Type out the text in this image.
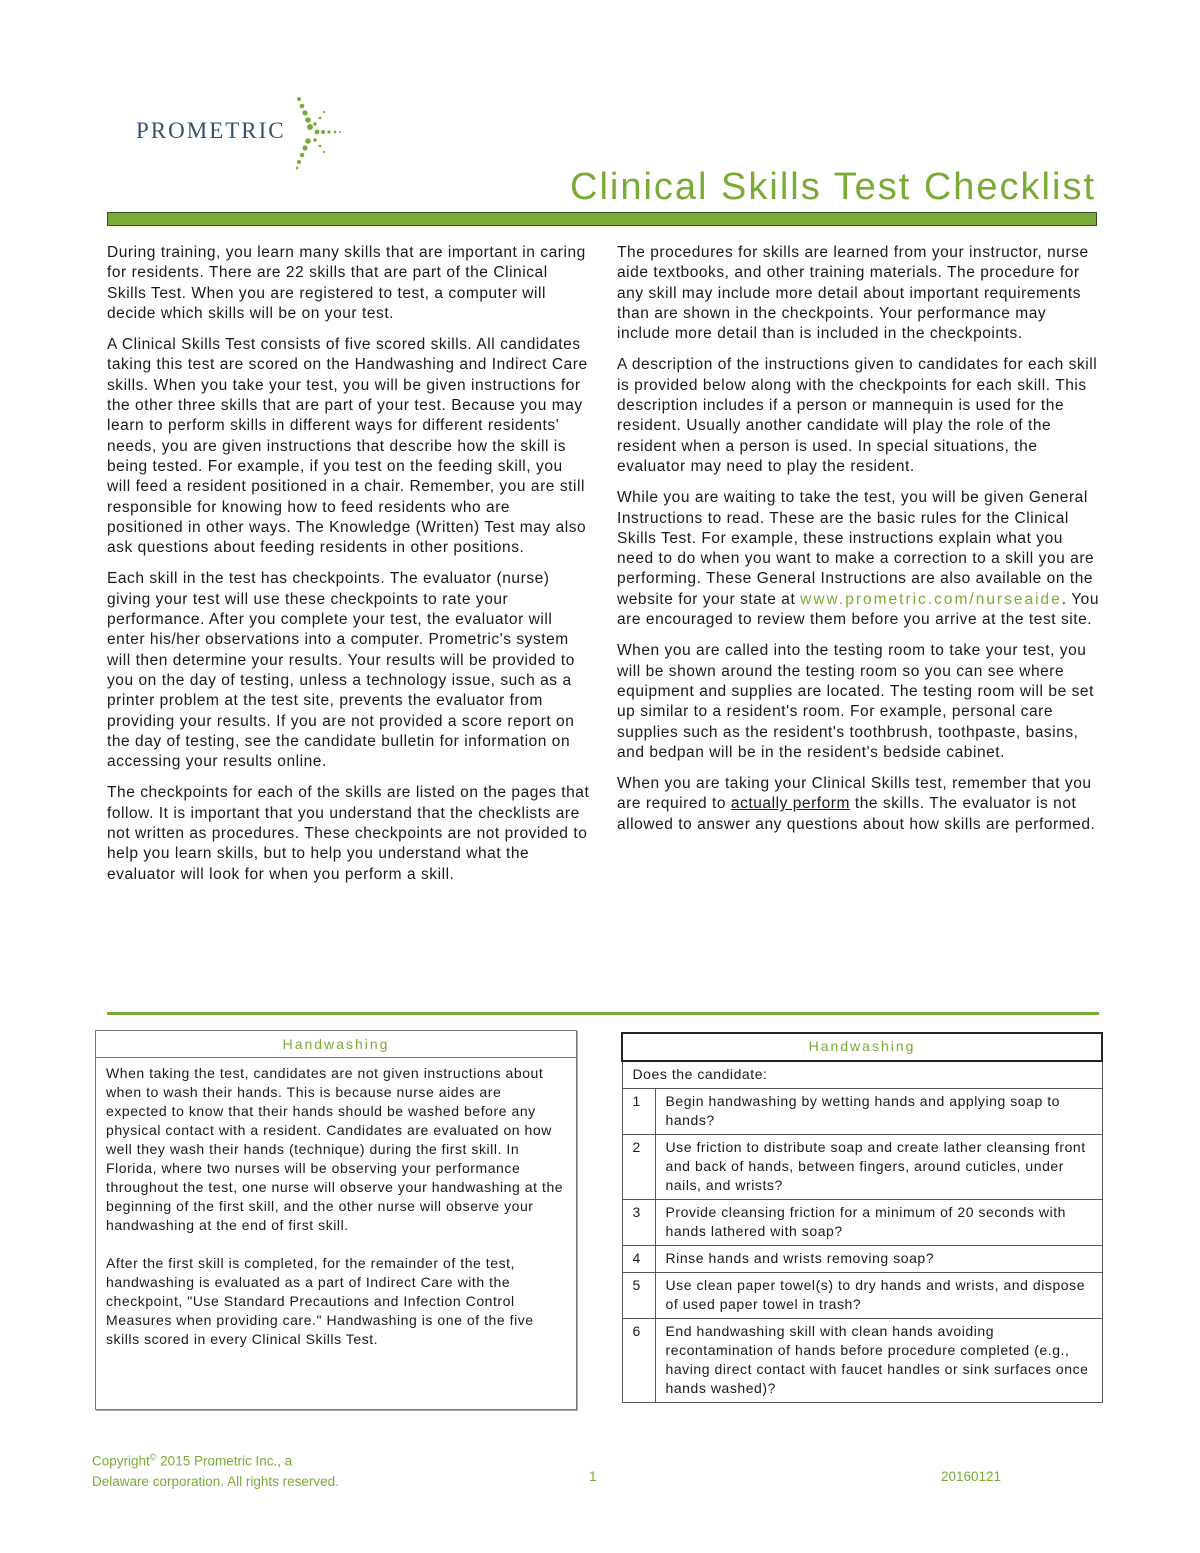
PROMETRIC
Clinical Skills Test Checklist

During training, you learn many skills that are important in caring for residents. There are 22 skills that are part of the Clinical Skills Test. When you are registered to test, a computer will decide which skills will be on your test.

A Clinical Skills Test consists of five scored skills. All candidates taking this test are scored on the Handwashing and Indirect Care skills. When you take your test, you will be given instructions for the other three skills that are part of your test. Because you may learn to perform skills in different ways for different residents' needs, you are given instructions that describe how the skill is being tested. For example, if you test on the feeding skill, you will feed a resident positioned in a chair. Remember, you are still responsible for knowing how to feed residents who are positioned in other ways. The Knowledge (Written) Test may also ask questions about feeding residents in other positions.

Each skill in the test has checkpoints. The evaluator (nurse) giving your test will use these checkpoints to rate your performance. After you complete your test, the evaluator will enter his/her observations into a computer. Prometric's system will then determine your results. Your results will be provided to you on the day of testing, unless a technology issue, such as a printer problem at the test site, prevents the evaluator from providing your results. If you are not provided a score report on the day of testing, see the candidate bulletin for information on accessing your results online.

The checkpoints for each of the skills are listed on the pages that follow. It is important that you understand that the checklists are not written as procedures. These checkpoints are not provided to help you learn skills, but to help you understand what the evaluator will look for when you perform a skill.

The procedures for skills are learned from your instructor, nurse aide textbooks, and other training materials. The procedure for any skill may include more detail about important requirements than are shown in the checkpoints. Your performance may include more detail than is included in the checkpoints.

A description of the instructions given to candidates for each skill is provided below along with the checkpoints for each skill. This description includes if a person or mannequin is used for the resident. Usually another candidate will play the role of the resident when a person is used. In special situations, the evaluator may need to play the resident.

While you are waiting to take the test, you will be given General Instructions to read. These are the basic rules for the Clinical Skills Test. For example, these instructions explain what you need to do when you want to make a correction to a skill you are performing. These General Instructions are also available on the website for your state at www.prometric.com/nurseaide. You are encouraged to review them before you arrive at the test site.

When you are called into the testing room to take your test, you will be shown around the testing room so you can see where equipment and supplies are located. The testing room will be set up similar to a resident's room. For example, personal care supplies such as the resident's toothbrush, toothpaste, basins, and bedpan will be in the resident's bedside cabinet.

When you are taking your Clinical Skills test, remember that you are required to actually perform the skills. The evaluator is not allowed to answer any questions about how skills are performed.

Handwashing

When taking the test, candidates are not given instructions about when to wash their hands. This is because nurse aides are expected to know that their hands should be washed before any physical contact with a resident. Candidates are evaluated on how well they wash their hands (technique) during the first skill. In Florida, where two nurses will be observing your performance throughout the test, one nurse will observe your handwashing at the beginning of the first skill, and the other nurse will observe your handwashing at the end of first skill.

After the first skill is completed, for the remainder of the test, handwashing is evaluated as a part of Indirect Care with the checkpoint, "Use Standard Precautions and Infection Control Measures when providing care." Handwashing is one of the five skills scored in every Clinical Skills Test.

Handwashing	
Does the candidate:	
1	Begin handwashing by wetting hands and applying soap to hands?
2	Use friction to distribute soap and create lather cleansing front and back of hands, between fingers, around cuticles, under nails, and wrists?
3	Provide cleansing friction for a minimum of 20 seconds with hands lathered with soap?
4	Rinse hands and wrists removing soap?
5	Use clean paper towel(s) to dry hands and wrists, and dispose of used paper towel in trash?
6	End handwashing skill with clean hands avoiding recontamination of hands before procedure completed (e.g., having direct contact with faucet handles or sink surfaces once hands washed)?
Copyright© 2015 Prometric Inc., a
Delaware corporation. All rights reserved.	1	20160121
